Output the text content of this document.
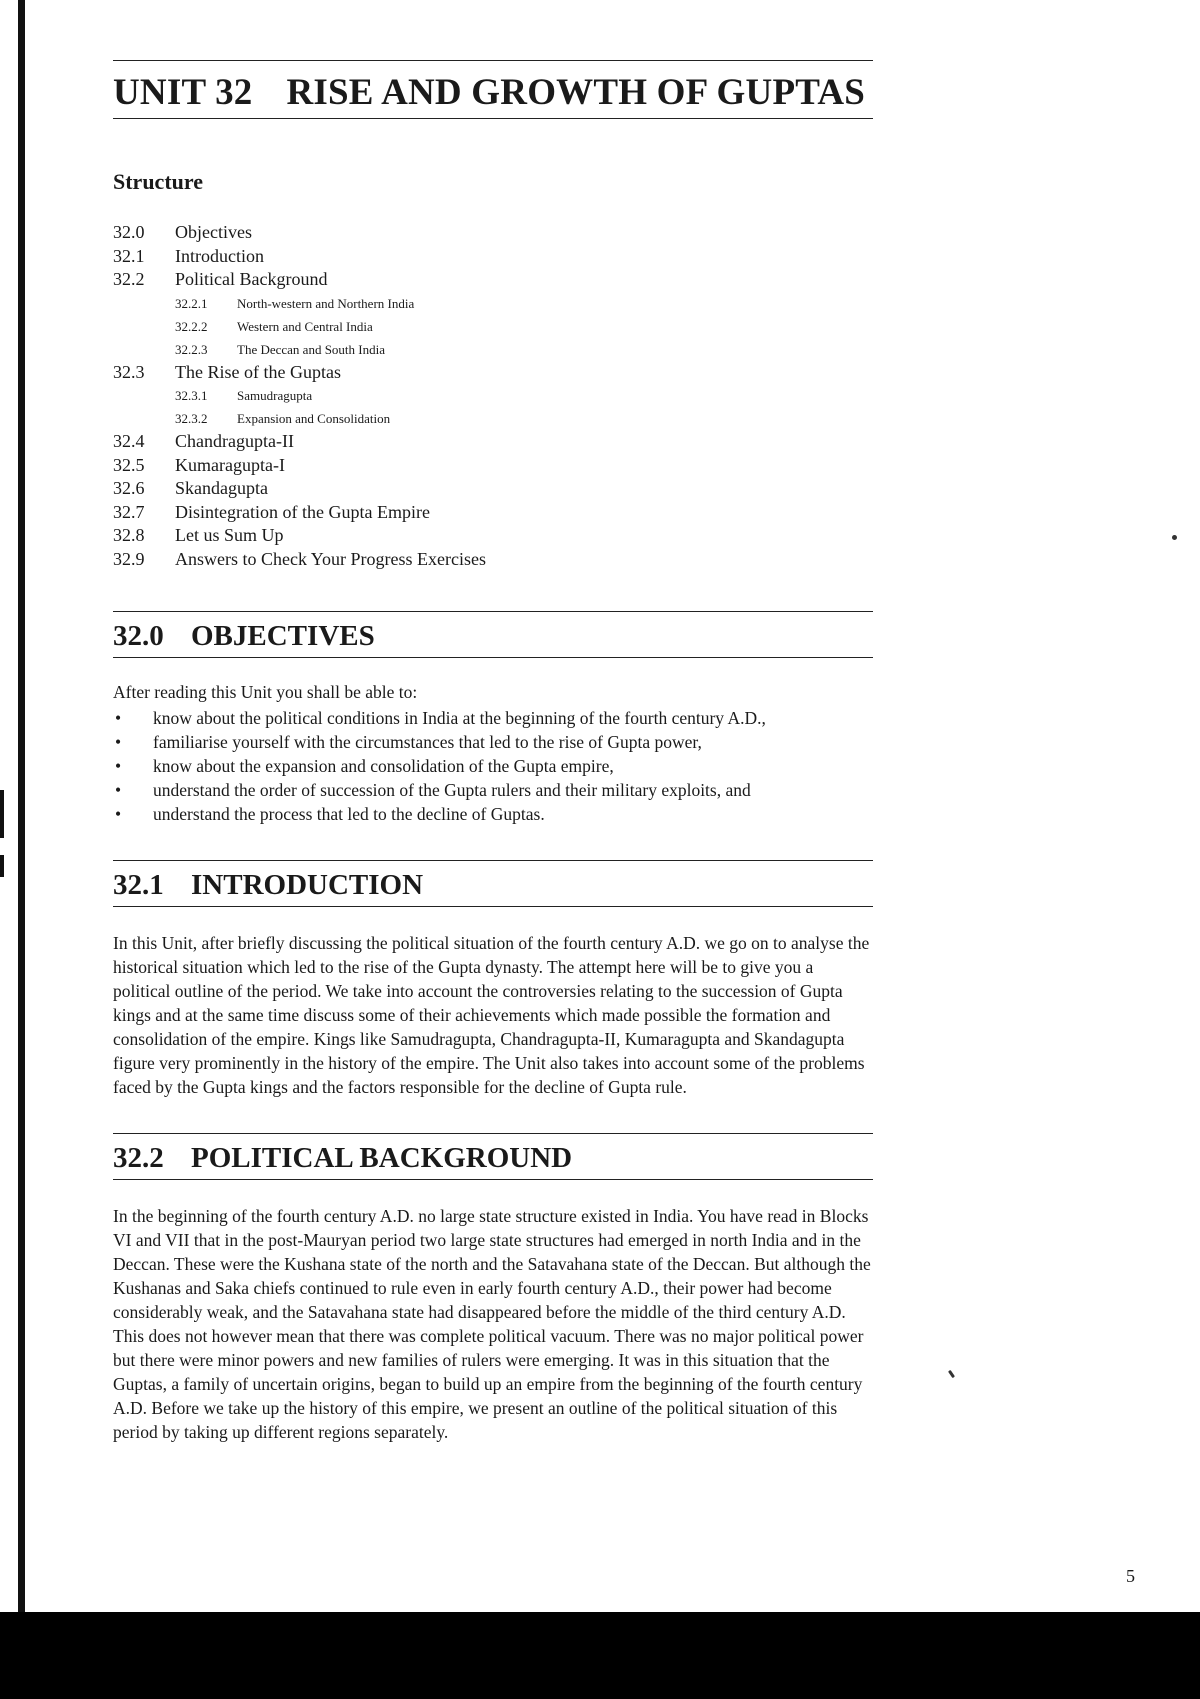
UNIT 32 RISE AND GROWTH OF GUPTAS
Structure
32.0	Objectives
32.1	Introduction
32.2	Political Background
32.2.1	North-western and Northern India
32.2.2	Western and Central India
32.2.3	The Deccan and South India
32.3	The Rise of the Guptas
32.3.1	Samudragupta
32.3.2	Expansion and Consolidation
32.4	Chandragupta-II
32.5	Kumaragupta-I
32.6	Skandagupta
32.7	Disintegration of the Gupta Empire
32.8	Let us Sum Up
32.9	Answers to Check Your Progress Exercises
32.0 OBJECTIVES
After reading this Unit you shall be able to:
•	know about the political conditions in India at the beginning of the fourth century A.D.,
•	familiarise yourself with the circumstances that led to the rise of Gupta power,
•	know about the expansion and consolidation of the Gupta empire,
•	understand the order of succession of the Gupta rulers and their military exploits, and
•	understand the process that led to the decline of Guptas.
32.1 INTRODUCTION

In this Unit, after briefly discussing the political situation of the fourth century A.D. we go on to analyse the historical situation which led to the rise of the Gupta dynasty. The attempt here will be to give you a political outline of the period. We take into account the controversies relating to the succession of Gupta kings and at the same time discuss some of their achievements which made possible the formation and consolidation of the empire. Kings like Samudragupta, Chandragupta-II, Kumaragupta and Skandagupta figure very prominently in the history of the empire. The Unit also takes into account some of the problems faced by the Gupta kings and the factors responsible for the decline of Gupta rule.

32.2 POLITICAL BACKGROUND

In the beginning of the fourth century A.D. no large state structure existed in India. You have read in Blocks VI and VII that in the post-Mauryan period two large state structures had emerged in north India and in the Deccan. These were the Kushana state of the north and the Satavahana state of the Deccan. But although the Kushanas and Saka chiefs continued to rule even in early fourth century A.D., their power had become considerably weak, and the Satavahana state had disappeared before the middle of the third century A.D. This does not however mean that there was complete political vacuum. There was no major political power but there were minor powers and new families of rulers were emerging. It was in this situation that the Guptas, a family of uncertain origins, began to build up an empire from the beginning of the fourth century A.D. Before we take up the history of this empire, we present an outline of the political situation of this period by taking up different regions separately.

5
